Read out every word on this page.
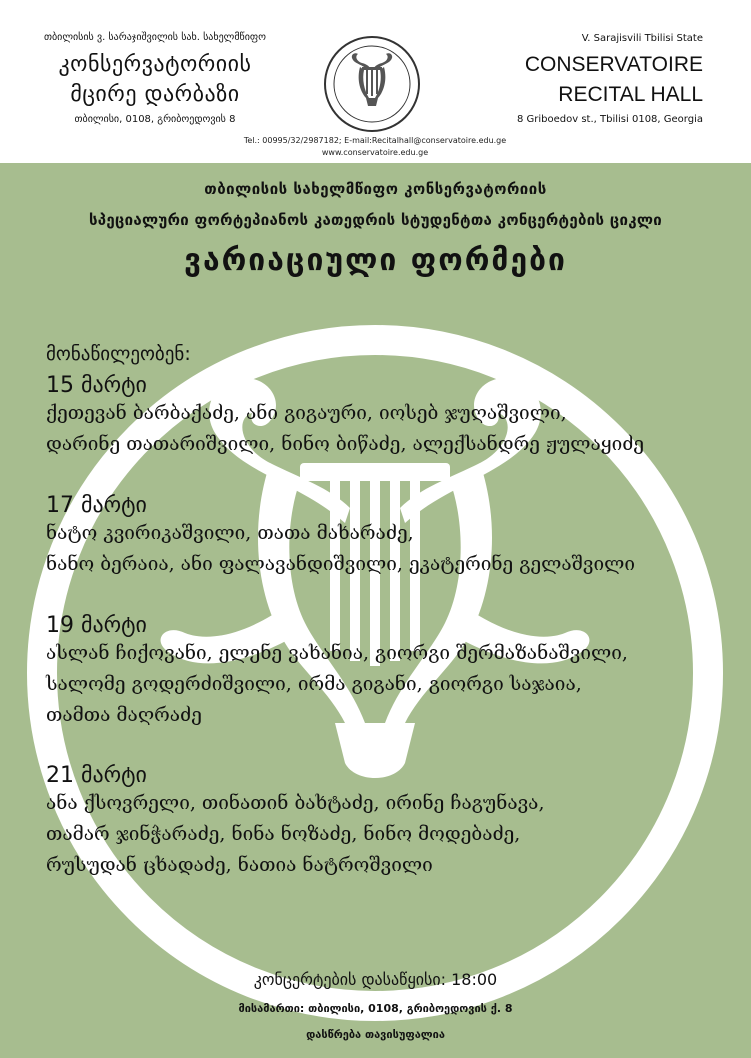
თბილისის ვ. სარაჯიშვილის სახ. სახელმწიფო
კონსერვატორიის
მცირე დარბაზი
თბილისი, 0108, გრიბოედოვის 8
V. Sarajisvili Tbilisi State
CONSERVATOIRE
RECITAL HALL
8 Griboedov st., Tbilisi 0108, Georgia
Tel.: 00995/32/2987182; E-mail:Recitalhall@conservatoire.edu.ge
www.conservatoire.edu.ge
თბილისის სახელმწიფო კონსერვატორიის
სპეციალური ფორტეპიანოს კათედრის სტუდენტთა კონცერტების ციკლი
ვარიაციული ფორმები
მონაწილეობენ:
15 მარტი
ქეთევან ბარბაქაძე, ანი გიგაური, იოსებ ჯუღაშვილი,
დარინე თათარიშვილი, ნინო ბიწაძე, ალექსანდრე ჟულაყიძე
17 მარტი
ნატო კვირიკაშვილი, თათა მახარაძე,
ნანო ბერაია, ანი ფალავანდიშვილი, ეკატერინე გელაშვილი
19 მარტი
ასლან ჩიქოვანი, ელენე ვახანია, გიორგი შერმაზანაშვილი,
სალომე გოდერძიშვილი, ირმა გიგანი, გიორგი საჯაია,
თამთა მაღრაძე
21 მარტი
ანა ქსოვრელი, თინათინ ბახტაძე, ირინე ჩაგუნავა,
თამარ ჯინჭარაძე, ნინა ნოზაძე, ნინო მოდებაძე,
რუსუდან ცხადაძე, ნათია ნატროშვილი
კონცერტების დასაწყისი: 18:00
მისამართი: თბილისი, 0108, გრიბოედოვის ქ. 8
დასწრება თავისუფალია
